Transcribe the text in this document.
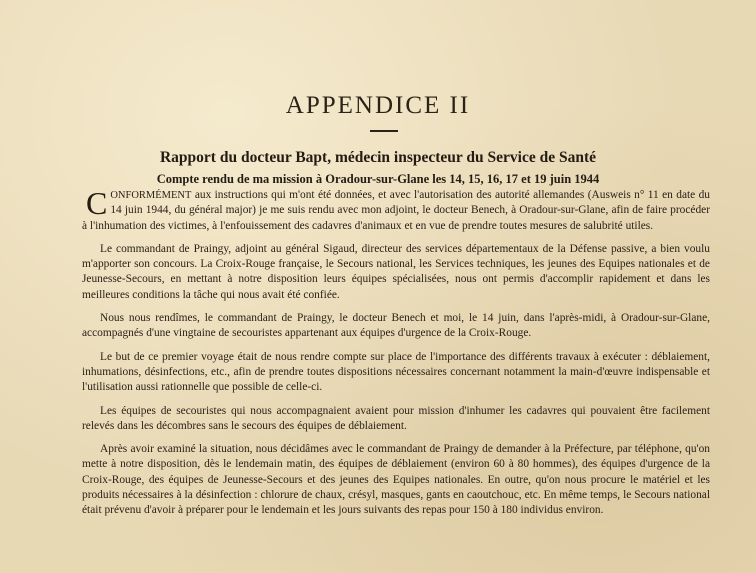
APPENDICE II
Rapport du docteur Bapt, médecin inspecteur du Service de Santé
Compte rendu de ma mission à Oradour-sur-Glane les 14, 15, 16, 17 et 19 juin 1944

CONFORMÉMENT aux instructions qui m'ont été données, et avec l'autorisation des autorité allemandes (Ausweis n° 11 en date du 14 juin 1944, du général major) je me suis rendu avec mon adjoint, le docteur Benech, à Oradour-sur-Glane, afin de faire procéder à l'inhumation des victimes, à l'enfouissement des cadavres d'animaux et en vue de prendre toutes mesures de salubrité utiles.

Le commandant de Praingy, adjoint au général Sigaud, directeur des services départementaux de la Défense passive, a bien voulu m'apporter son concours. La Croix-Rouge française, le Secours national, les Services techniques, les jeunes des Equipes nationales et de Jeunesse-Secours, en mettant à notre disposition leurs équipes spécialisées, nous ont permis d'accomplir rapidement et dans les meilleures conditions la tâche qui nous avait été confiée.

Nous nous rendîmes, le commandant de Praingy, le docteur Benech et moi, le 14 juin, dans l'après-midi, à Oradour-sur-Glane, accompagnés d'une vingtaine de secouristes appartenant aux équipes d'urgence de la Croix-Rouge.

Le but de ce premier voyage était de nous rendre compte sur place de l'importance des différents travaux à exécuter : déblaiement, inhumations, désinfections, etc., afin de prendre toutes dispositions nécessaires concernant notamment la main-d'œuvre indispensable et l'utilisation aussi rationnelle que possible de celle-ci.

Les équipes de secouristes qui nous accompagnaient avaient pour mission d'inhumer les cadavres qui pouvaient être facilement relevés dans les décombres sans le secours des équipes de déblaiement.

Après avoir examiné la situation, nous décidâmes avec le commandant de Praingy de demander à la Préfecture, par téléphone, qu'on mette à notre disposition, dès le lendemain matin, des équipes de déblaiement (environ 60 à 80 hommes), des équipes d'urgence de la Croix-Rouge, des équipes de Jeunesse-Secours et des jeunes des Equipes nationales. En outre, qu'on nous procure le matériel et les produits nécessaires à la désinfection : chlorure de chaux, crésyl, masques, gants en caoutchouc, etc. En même temps, le Secours national était prévenu d'avoir à préparer pour le lendemain et les jours suivants des repas pour 150 à 180 individus environ.
